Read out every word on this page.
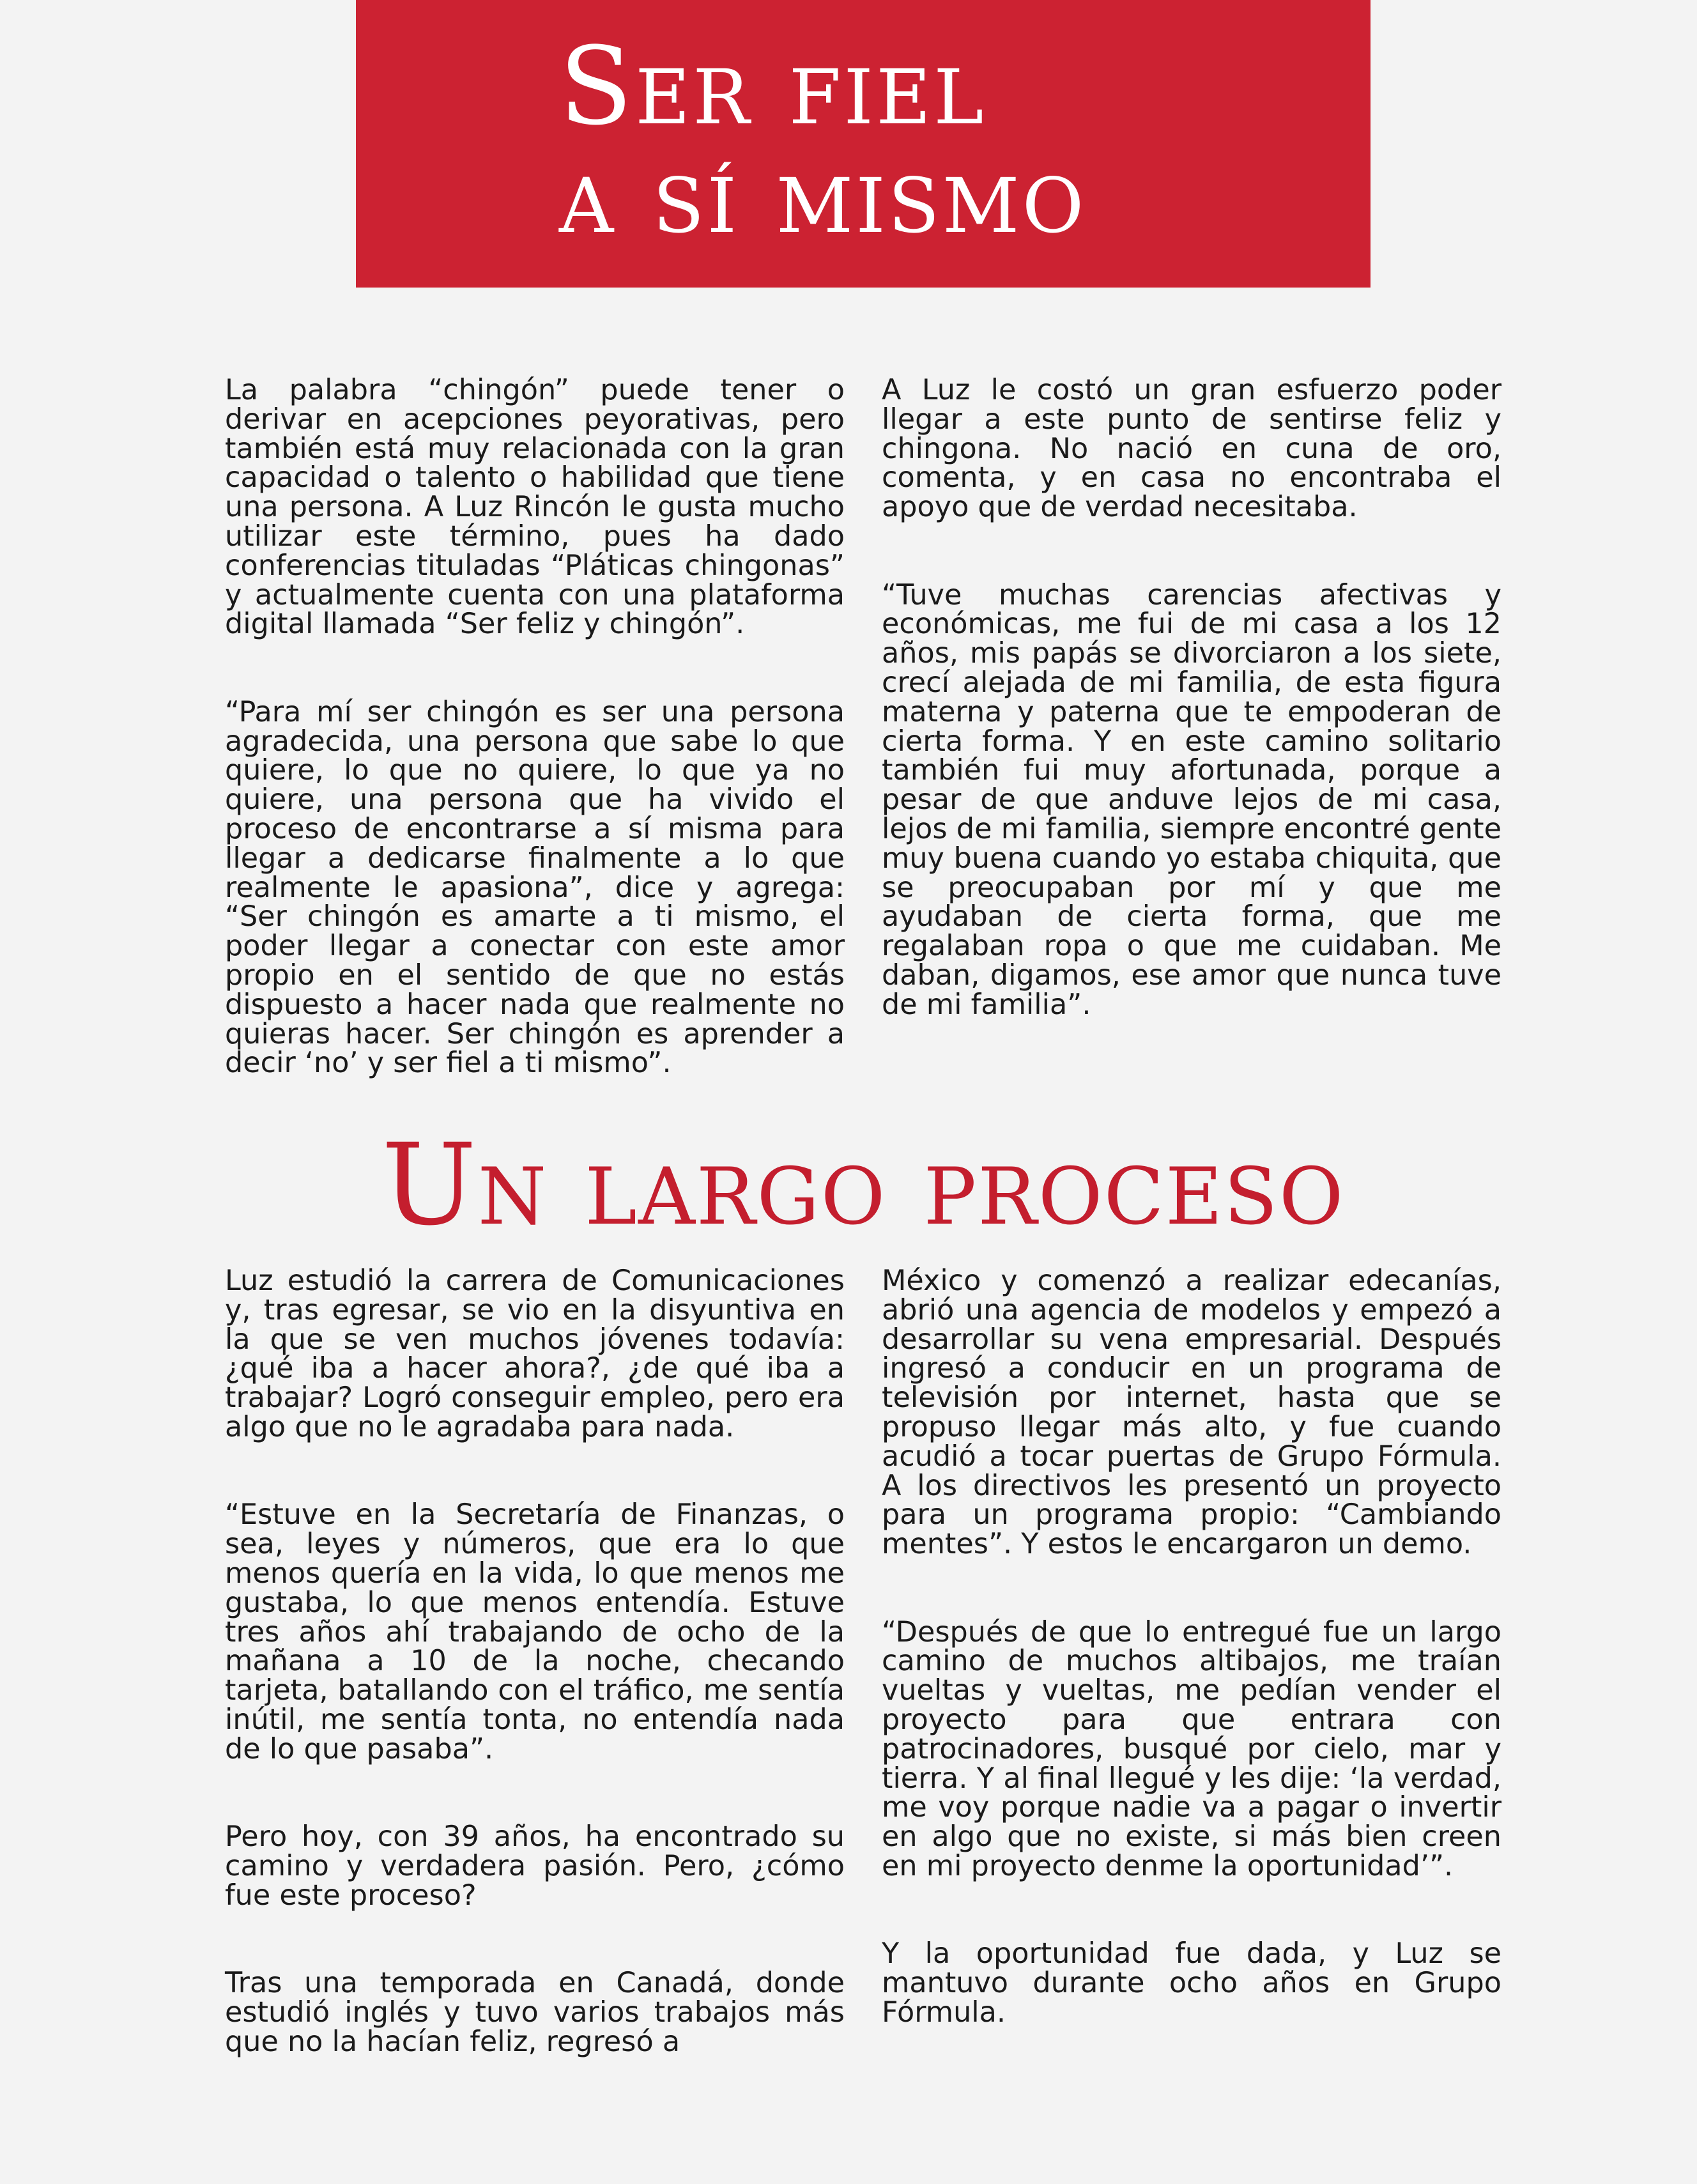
Ser fiel
a sí mismo

La palabra “chingón” puede tener o derivar en acepciones peyorativas, pero también está muy relacionada con la gran capacidad o talento o habilidad que tiene una persona. A Luz Rincón le gusta mucho utilizar este término, pues ha dado conferencias tituladas “Pláticas chingonas” y actualmente cuenta con una plataforma digital llamada “Ser feliz y chingón”.

“Para mí ser chingón es ser una persona agradecida, una persona que sabe lo que quiere, lo que no quiere, lo que ya no quiere, una persona que ha vivido el proceso de encontrarse a sí misma para llegar a dedicarse finalmente a lo que realmente le apasiona”, dice y agrega: “Ser chingón es amarte a ti mismo, el poder llegar a conectar con este amor propio en el sentido de que no estás dispuesto a hacer nada que realmente no quieras hacer. Ser chingón es aprender a decir ‘no’ y ser fiel a ti mismo”.

A Luz le costó un gran esfuerzo poder llegar a este punto de sentirse feliz y chingona. No nació en cuna de oro, comenta, y en casa no encontraba el apoyo que de verdad necesitaba.

“Tuve muchas carencias afectivas y económicas, me fui de mi casa a los 12 años, mis papás se divorciaron a los siete, crecí alejada de mi familia, de esta figura materna y paterna que te empoderan de cierta forma. Y en este camino solitario también fui muy afortunada, porque a pesar de que anduve lejos de mi casa, lejos de mi familia, siempre encontré gente muy buena cuando yo estaba chiquita, que se preocupaban por mí y que me ayudaban de cierta forma, que me regalaban ropa o que me cuidaban. Me daban, digamos, ese amor que nunca tuve de mi familia”.

Un largo proceso

Luz estudió la carrera de Comunicaciones y, tras egresar, se vio en la disyuntiva en la que se ven muchos jóvenes todavía: ¿qué iba a hacer ahora?, ¿de qué iba a trabajar? Logró conseguir empleo, pero era algo que no le agradaba para nada.

“Estuve en la Secretaría de Finanzas, o sea, leyes y números, que era lo que menos quería en la vida, lo que menos me gustaba, lo que menos entendía. Estuve tres años ahí trabajando de ocho de la mañana a 10 de la noche, checando tarjeta, batallando con el tráfico, me sentía inútil, me sentía tonta, no entendía nada de lo que pasaba”.

Pero hoy, con 39 años, ha encontrado su camino y verdadera pasión. Pero, ¿cómo fue este proceso?

Tras una temporada en Canadá, donde estudió inglés y tuvo varios trabajos más que no la hacían feliz, regresó a

México y comenzó a realizar edecanías, abrió una agencia de modelos y empezó a desarrollar su vena empresarial. Después ingresó a conducir en un programa de televisión por internet, hasta que se propuso llegar más alto, y fue cuando acudió a tocar puertas de Grupo Fórmula. A los directivos les presentó un proyecto para un programa propio: “Cambiando mentes”. Y estos le encargaron un demo.

“Después de que lo entregué fue un largo camino de muchos altibajos, me traían vueltas y vueltas, me pedían vender el proyecto para que entrara con patrocinadores, busqué por cielo, mar y tierra. Y al final llegué y les dije: ‘la verdad, me voy porque nadie va a pagar o invertir en algo que no existe, si más bien creen en mi proyecto denme la oportunidad’”.

Y la oportunidad fue dada, y Luz se mantuvo durante ocho años en Grupo Fórmula.
